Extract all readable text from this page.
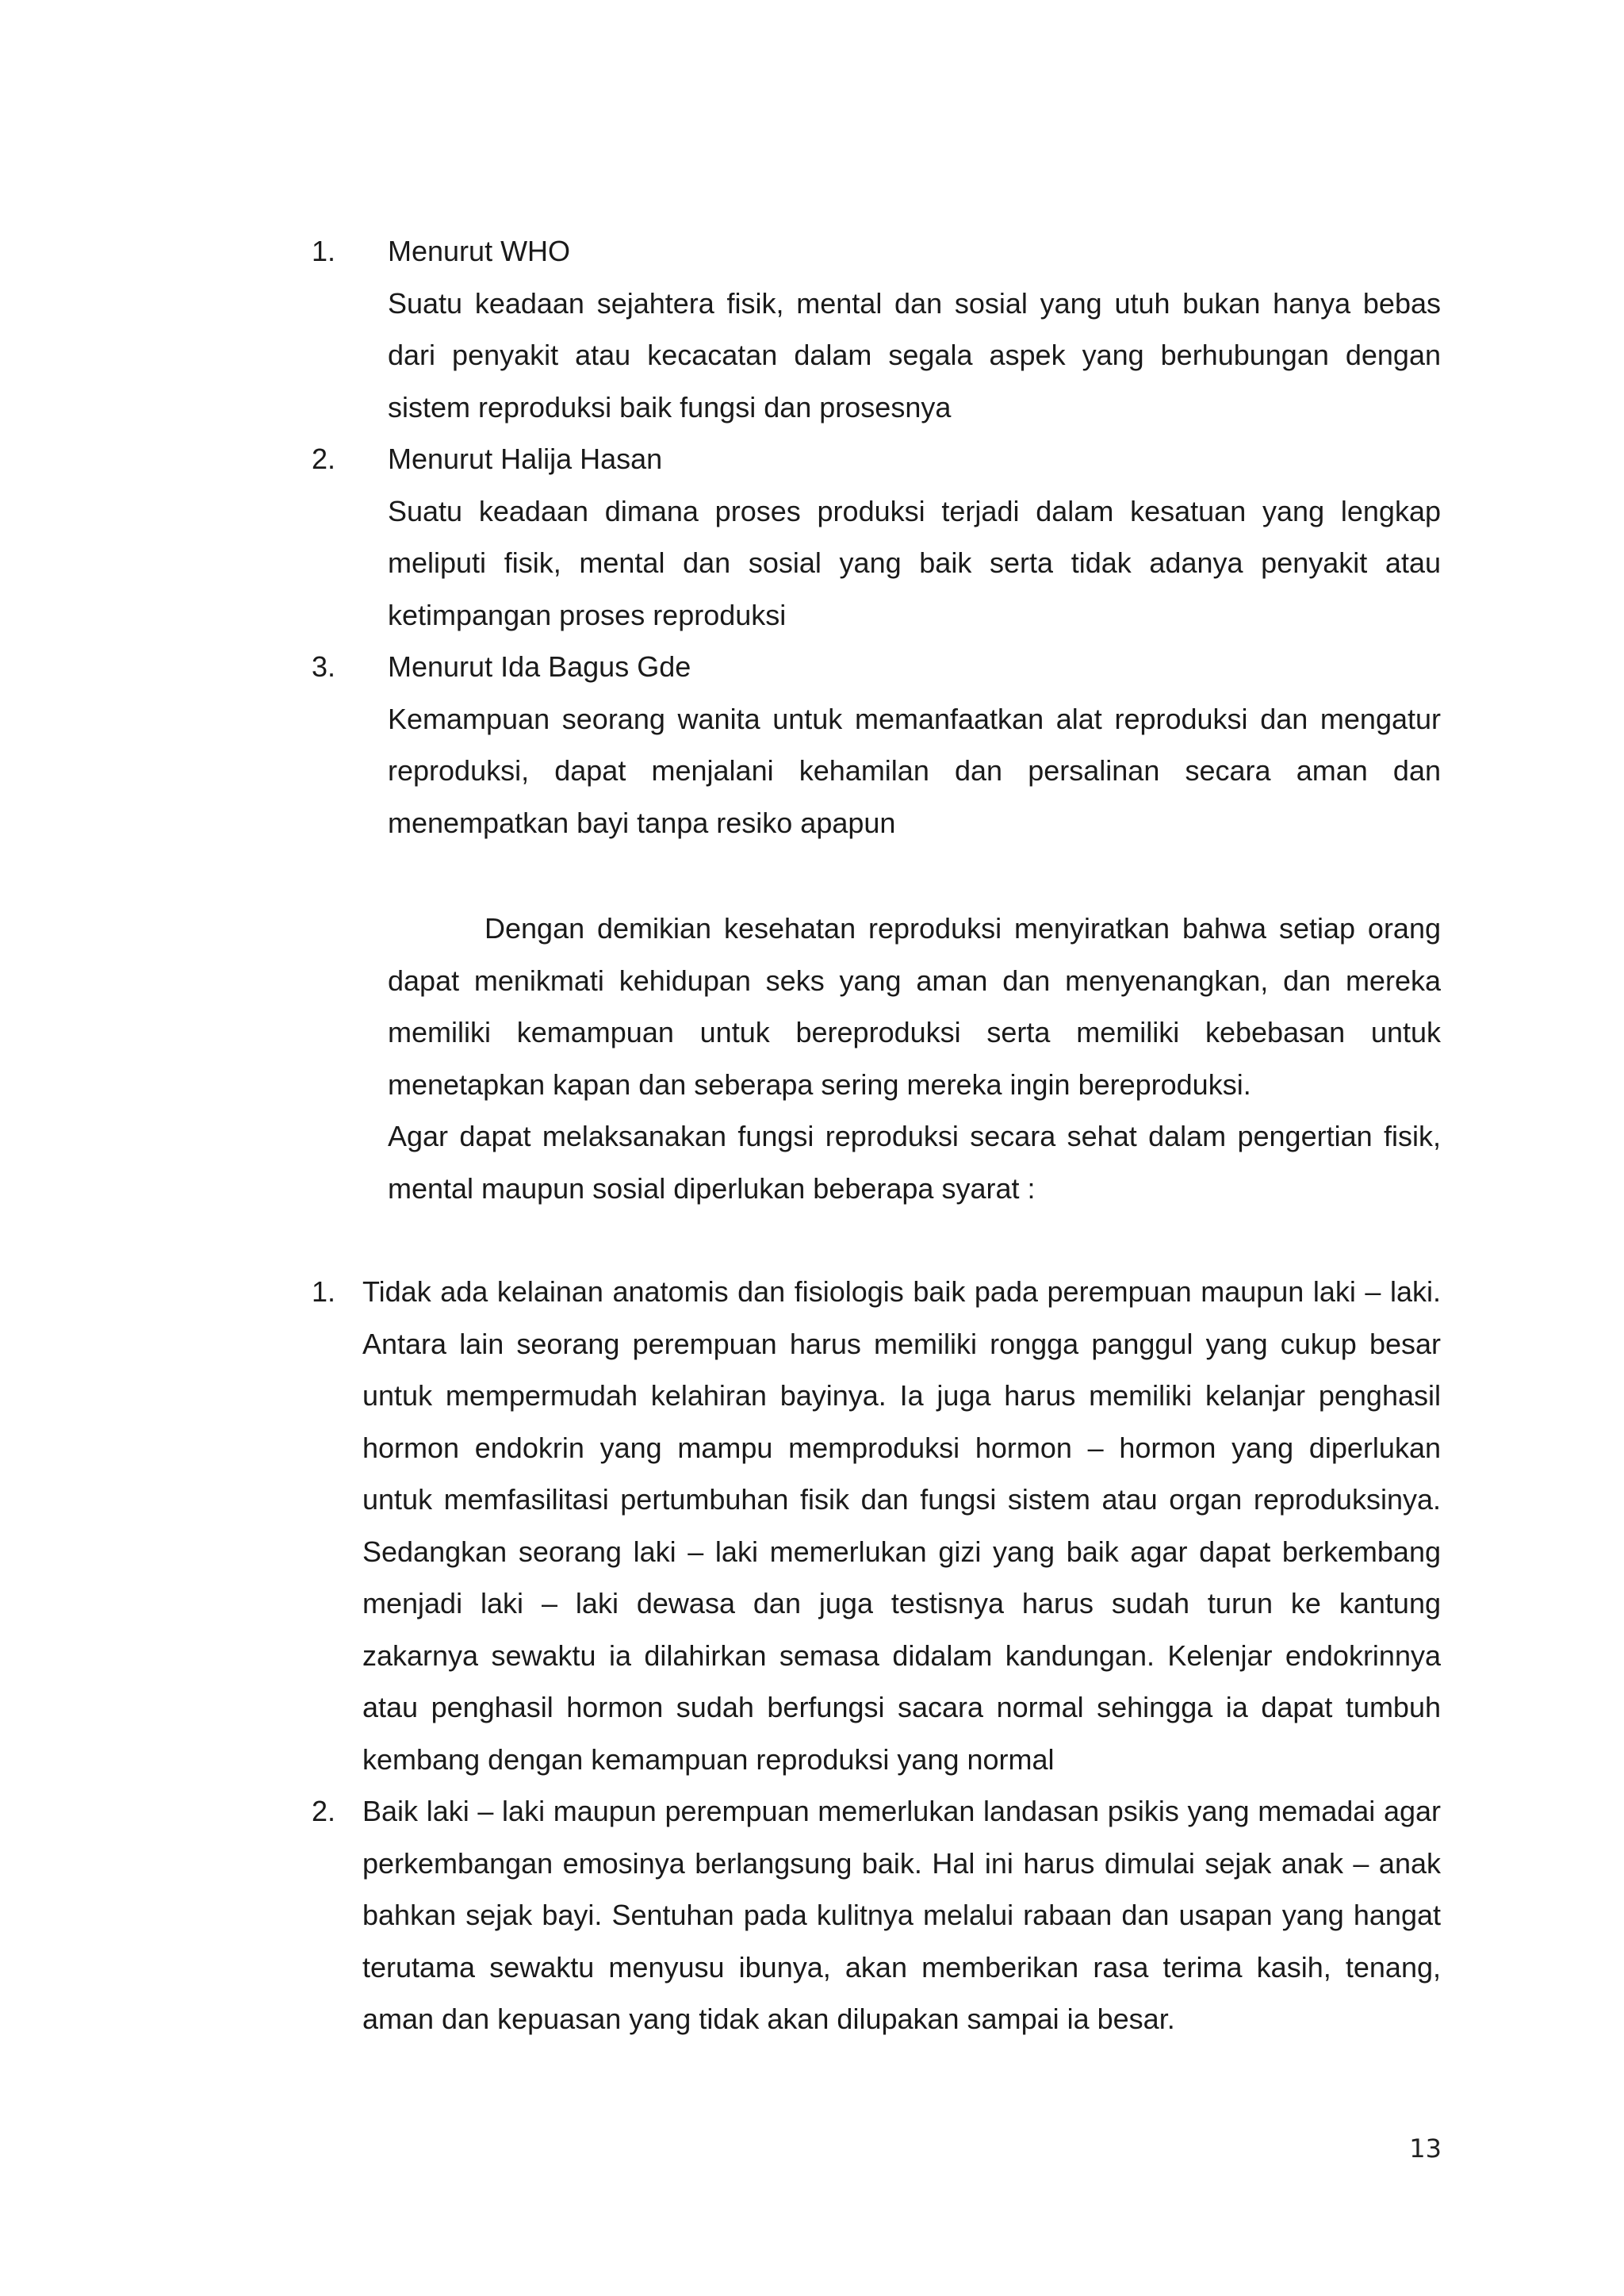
1. Menurut WHO

Suatu keadaan sejahtera fisik, mental dan sosial yang utuh bukan hanya bebas dari penyakit atau kecacatan dalam segala aspek yang berhubungan dengan sistem reproduksi baik fungsi dan prosesnya

2. Menurut Halija Hasan

Suatu keadaan dimana proses produksi terjadi dalam kesatuan yang lengkap meliputi fisik, mental dan sosial yang baik serta tidak adanya penyakit atau ketimpangan proses reproduksi

3. Menurut Ida Bagus Gde

Kemampuan seorang wanita untuk memanfaatkan alat reproduksi dan mengatur reproduksi, dapat menjalani kehamilan dan persalinan secara aman dan menempatkan bayi tanpa resiko apapun

Dengan demikian kesehatan reproduksi menyiratkan bahwa setiap orang dapat menikmati kehidupan seks yang aman dan menyenangkan, dan mereka memiliki kemampuan untuk bereproduksi serta memiliki kebebasan untuk menetapkan kapan dan seberapa sering mereka ingin bereproduksi.

Agar dapat melaksanakan fungsi reproduksi secara sehat dalam pengertian fisik, mental maupun sosial diperlukan beberapa syarat :

1. Tidak ada kelainan anatomis dan fisiologis baik pada perempuan maupun laki – laki. Antara lain seorang perempuan harus memiliki rongga panggul yang cukup besar untuk mempermudah kelahiran bayinya. Ia juga harus memiliki kelanjar penghasil hormon endokrin yang mampu memproduksi hormon – hormon yang diperlukan untuk memfasilitasi pertumbuhan fisik dan fungsi sistem atau organ reproduksinya. Sedangkan seorang laki – laki memerlukan gizi yang baik agar dapat berkembang menjadi laki – laki dewasa dan juga testisnya harus sudah turun ke kantung zakarnya sewaktu ia dilahirkan semasa didalam kandungan. Kelenjar endokrinnya atau penghasil hormon sudah berfungsi sacara normal sehingga ia dapat tumbuh kembang dengan kemampuan reproduksi yang normal

2. Baik laki – laki maupun perempuan memerlukan landasan psikis yang memadai agar perkembangan emosinya berlangsung baik. Hal ini harus dimulai sejak anak – anak bahkan sejak bayi. Sentuhan pada kulitnya melalui rabaan dan usapan yang hangat terutama sewaktu menyusu ibunya, akan memberikan rasa terima kasih, tenang, aman dan kepuasan yang tidak akan dilupakan sampai ia besar.

13
